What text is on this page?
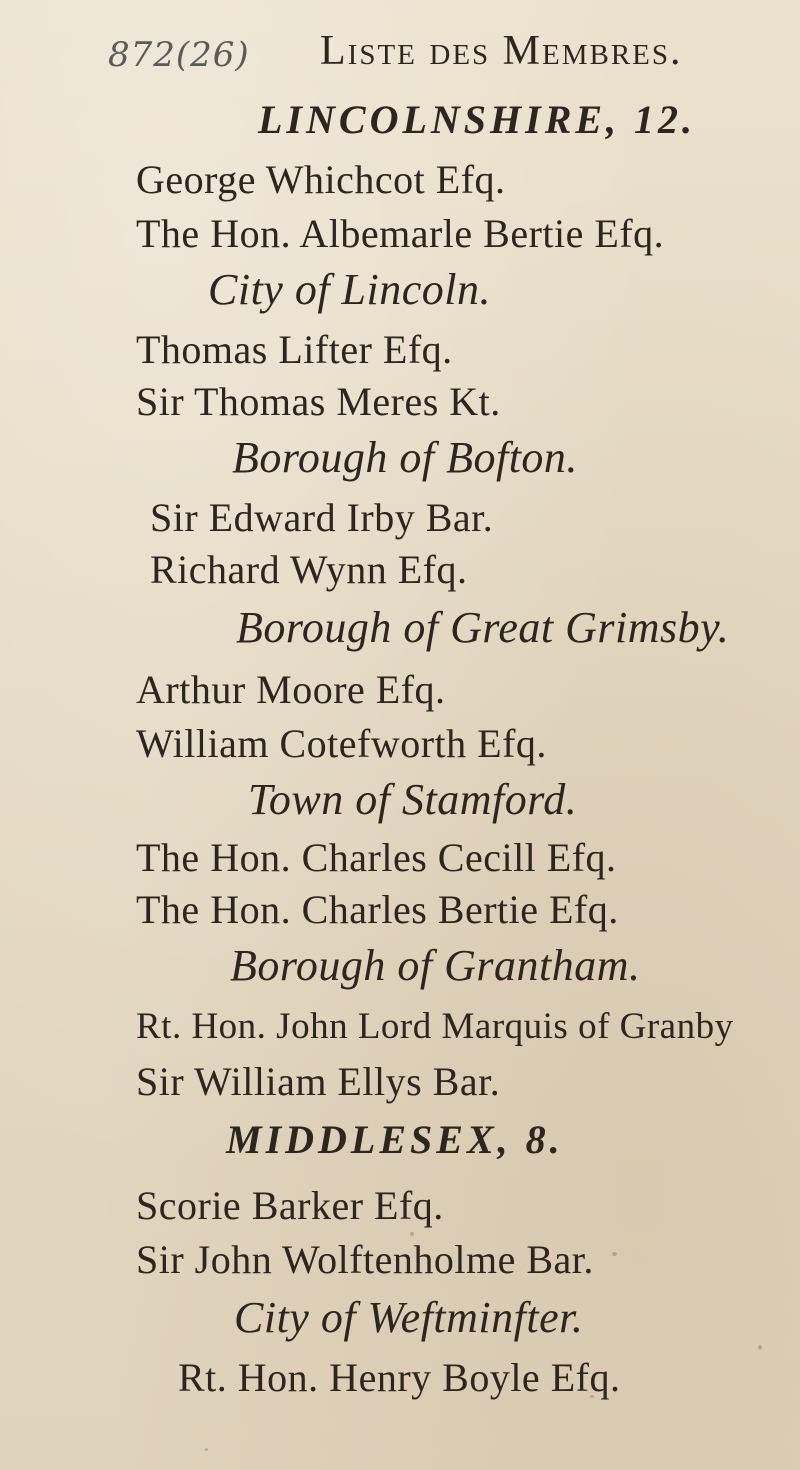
872(26) Liste des Membres.
LINCOLNSHIRE, 12.
George Whichcot Efq.
The Hon. Albemarle Bertie Efq.
City of Lincoln.
Thomas Lifter Efq.
Sir Thomas Meres Kt.
Borough of Bofton.
Sir Edward Irby Bar.
Richard Wynn Efq.
Borough of Great Grimsby.
Arthur Moore Efq.
William Cotefworth Efq.
Town of Stamford.
The Hon. Charles Cecill Efq.
The Hon. Charles Bertie Efq.
Borough of Grantham.
Rt. Hon. John Lord Marquis of Granby
Sir William Ellys Bar.
MIDDLESEX, 8.
Scorie Barker Efq.
Sir John Wolftenholme Bar.
City of Weftminfter.
Rt. Hon. Henry Boyle Efq.
